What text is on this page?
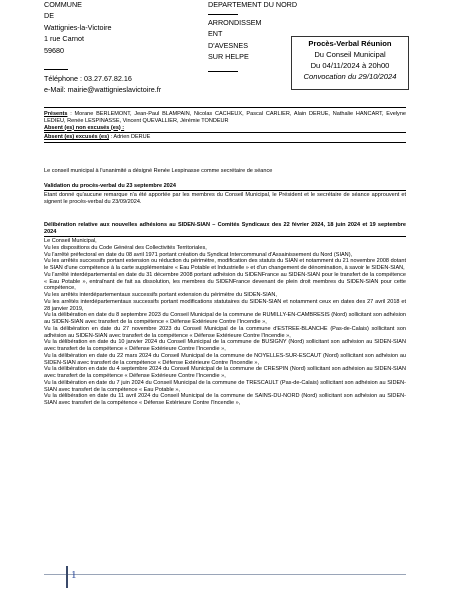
COMMUNE
DE
Wattignies-la-Victoire
1 rue Carnot
59680
Téléphone : 03.27.67.82.16
e-Mail: mairie@wattignieslavictoire.fr
DEPARTEMENT DU NORD
ARRONDISSEM
ENT
D'AVESNES
SUR HELPE
Procès-Verbal Réunion
Du Conseil Municipal
Du 04/11/2024 à 20h00
Convocation du 29/10/2024

Présents : Morane BERLEMONT, Jean-Paul BLAMPAIN, Nicolas CACHEUX, Pascal CARLIER, Alain DERUE, Nathalie HANCART, Evelyne LEDIEU, Renée LESPINASSE, Vincent QUEVALLIER, Jérémie TONDEUR

Absent (es) non excusés (es) :

Absent (es) excusés (es) : Adrien DERUE

Le conseil municipal à l'unanimité a désigné Renée Lespinasse comme secrétaire de séance

Validation du procès-verbal du 23 septembre 2024

Etant donné qu'aucune remarque n'a été apportée par les membres du Conseil Municipal, le Président et le secrétaire de séance approuvent et signent le procès-verbal du 23/09/2024.

Délibération relative aux nouvelles adhésions au SIDEN-SIAN – Comités Syndicaux des 22 février 2024, 18 juin 2024 et 19 septembre 2024

Le Conseil Municipal,

Vu les dispositions du Code Général des Collectivités Territoriales,

Vu l'arrêté préfectoral en date du 08 avril 1971 portant création du Syndicat Intercommunal d'Assainissement du Nord (SIAN),

Vu les arrêtés successifs portant extension ou réduction du périmètre, modification des statuts du SIAN et notamment du 21 novembre 2008 dotant le SIAN d'une compétence à la carte supplémentaire « Eau Potable et Industrielle » et d'un changement de dénomination, à savoir le SIDEN-SIAN,

Vu l'arrêté interdépartemental en date du 31 décembre 2008 portant adhésion du SIDENFrance au SIDEN-SIAN pour le transfert de la compétence « Eau Potable », entraînant de fait sa dissolution, les membres du SIDENFrance devenant de plein droit membres du SIDEN-SIAN pour cette compétence,

Vu les arrêtés interdépartementaux successifs portant extension du périmètre du SIDEN-SIAN,

Vu les arrêtés interdépartementaux successifs portant modifications statutaires du SIDEN-SIAN et notamment ceux en dates des 27 avril 2018 et 28 janvier 2019,

Vu la délibération en date du 8 septembre 2023 du Conseil Municipal de la commune de RUMILLY-EN-CAMBRESIS (Nord) sollicitant son adhésion au SIDEN-SIAN avec transfert de la compétence « Défense Extérieure Contre l'Incendie »,

Vu la délibération en date du 27 novembre 2023 du Conseil Municipal de la commune d'ESTREE-BLANCHE (Pas-de-Calais) sollicitant son adhésion au SIDEN-SIAN avec transfert de la compétence « Défense Extérieure Contre l'Incendie »,

Vu la délibération en date du 10 janvier 2024 du Conseil Municipal de la commune de BUSIGNY (Nord) sollicitant son adhésion au SIDEN-SIAN avec transfert de la compétence « Défense Extérieure Contre l'Incendie »,

Vu la délibération en date du 22 mars 2024 du Conseil Municipal de la commune de NOYELLES-SUR-ESCAUT (Nord) sollicitant son adhésion au SIDEN-SIAN avec transfert de la compétence « Défense Extérieure Contre l'Incendie »,

Vu la délibération en date du 4 septembre 2024 du Conseil Municipal de la commune de CRESPIN (Nord) sollicitant son adhésion au SIDEN-SIAN avec transfert de la compétence « Défense Extérieure Contre l'Incendie »,

Vu la délibération en date du 7 juin 2024 du Conseil Municipal de la commune de TRESCAULT (Pas-de-Calais) sollicitant son adhésion au SIDEN-SIAN avec transfert de la compétence « Eau Potable »,

Vu la délibération en date du 11 avril 2024 du Conseil Municipal de la commune de SAINS-DU-NORD (Nord) sollicitant son adhésion au SIDEN-SIAN avec transfert de la compétence « Défense Extérieure Contre l'Incendie »,

1
